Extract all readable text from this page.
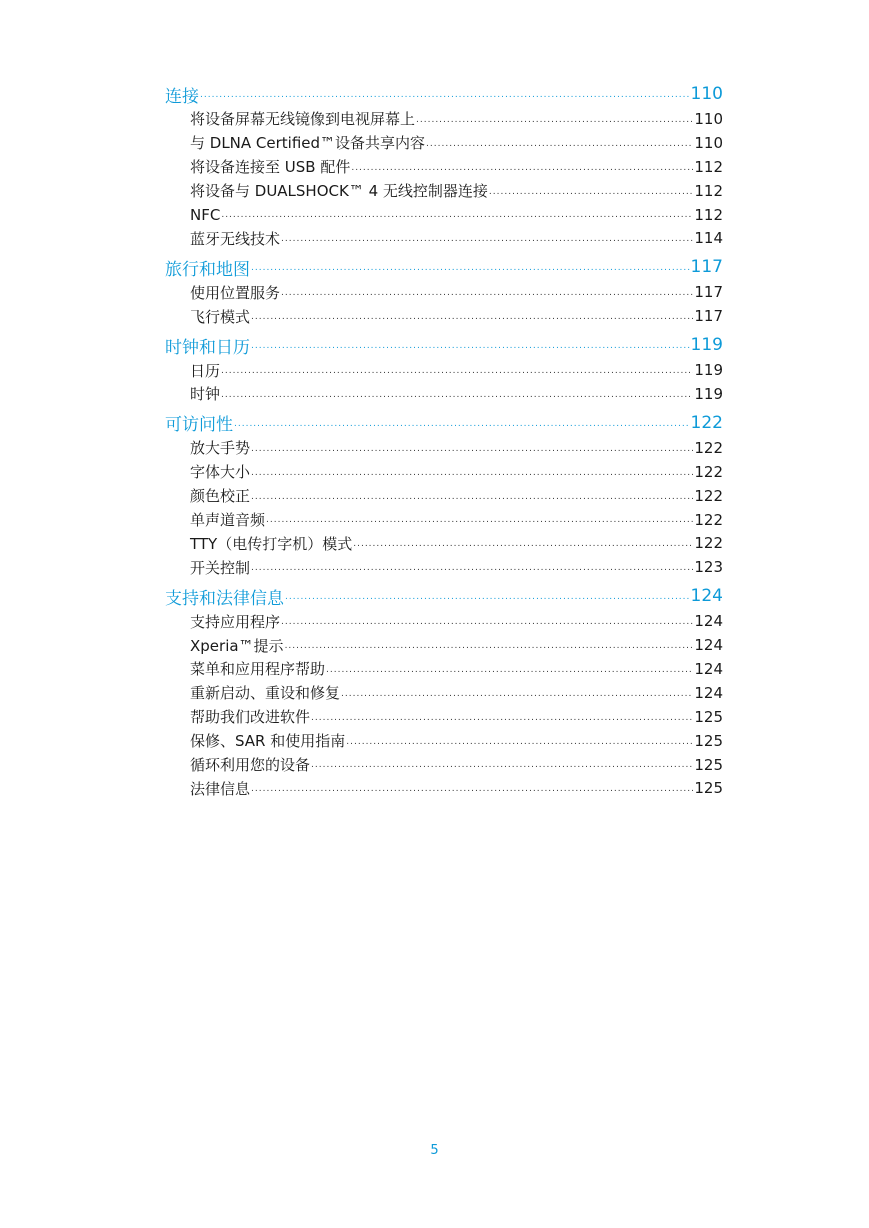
连接 .....	110
将设备屏幕无线镜像到电视屏幕上 .....	110
与 DLNA Certified™设备共享内容 .....	110
将设备连接至 USB 配件 .....	112
将设备与 DUALSHOCK™ 4 无线控制器连接 .....	112
NFC .....	112
蓝牙无线技术 .....	114
旅行和地图 .....	117
使用位置服务 .....	117
飞行模式 .....	117
时钟和日历 .....	119
日历 .....	119
时钟 .....	119
可访问性 .....	122
放大手势 .....	122
字体大小 .....	122
颜色校正 .....	122
单声道音频 .....	122
TTY（电传打字机）模式 .....	122
开关控制 .....	123
支持和法律信息 .....	124
支持应用程序 .....	124
Xperia™提示 .....	124
菜单和应用程序帮助 .....	124
重新启动、重设和修复 .....	124
帮助我们改进软件 .....	125
保修、SAR 和使用指南 .....	125
循环利用您的设备 .....	125
法律信息 .....	125
5
